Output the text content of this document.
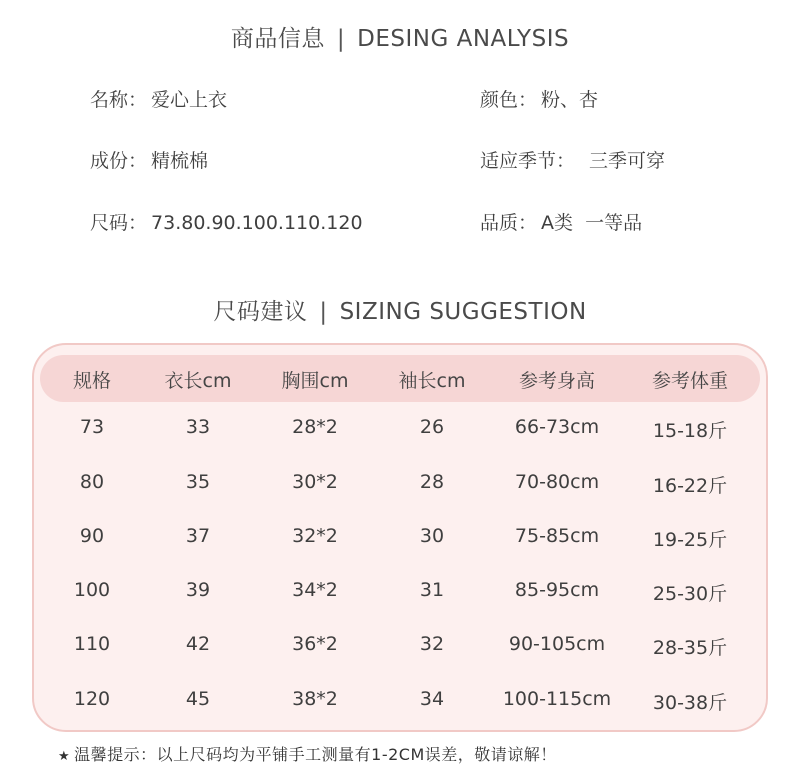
商品信息 | DESING ANALYSIS
名称： 爱心上衣	颜色： 粉、杏
成份： 精梳棉	适应季节： 三季可穿
尺码： 73.80.90.100.110.120	品质： A类  一等品
尺码建议 | SIZING SUGGESTION
规格	衣长cm	胸围cm	袖长cm	参考身高	参考体重
73	33	28*2	26	66-73cm	15-18斤
80	35	30*2	28	70-80cm	16-22斤
90	37	32*2	30	75-85cm	19-25斤
100	39	34*2	31	85-95cm	25-30斤
110	42	36*2	32	90-105cm	28-35斤
120	45	38*2	34	100-115cm 30-38斤
★ 温馨提示：以上尺码均为平铺手工测量有1-2CM误差，敬请谅解！
